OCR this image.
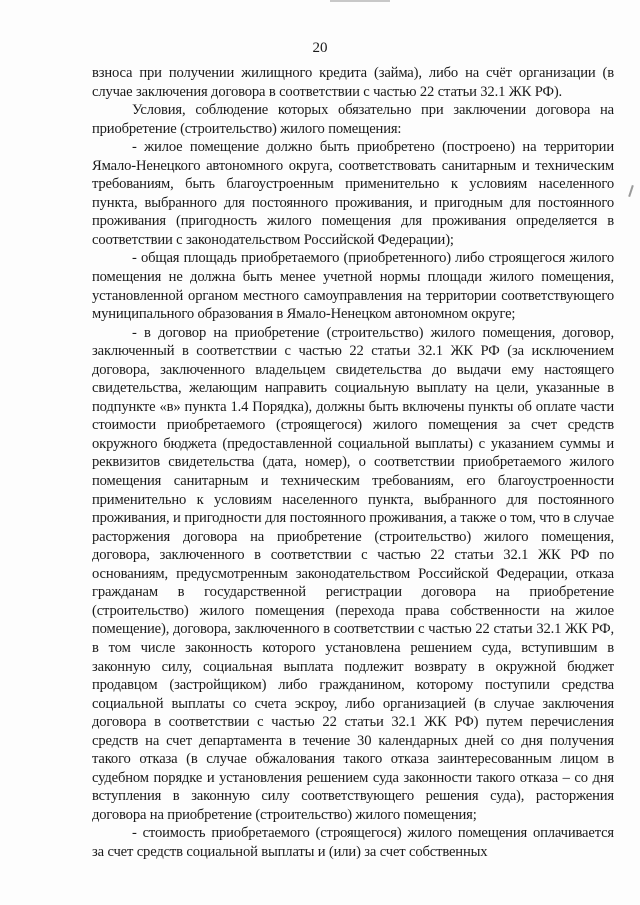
20

взноса при получении жилищного кредита (займа), либо на счёт организации (в случае заключения договора в соответствии с частью 22 статьи 32.1 ЖК РФ).

Условия, соблюдение которых обязательно при заключении договора на приобретение (строительство) жилого помещения:

- жилое помещение должно быть приобретено (построено) на территории Ямало-Ненецкого автономного округа, соответствовать санитарным и техническим требованиям, быть благоустроенным применительно к условиям населенного пункта, выбранного для постоянного проживания, и пригодным для постоянного проживания (пригодность жилого помещения для проживания определяется в соответствии с законодательством Российской Федерации);

- общая площадь приобретаемого (приобретенного) либо строящегося жилого помещения не должна быть менее учетной нормы площади жилого помещения, установленной органом местного самоуправления на территории соответствующего муниципального образования в Ямало-Ненецком автономном округе;

- в договор на приобретение (строительство) жилого помещения, договор, заключенный в соответствии с частью 22 статьи 32.1 ЖК РФ (за исключением договора, заключенного владельцем свидетельства до выдачи ему настоящего свидетельства, желающим направить социальную выплату на цели, указанные в подпункте «в» пункта 1.4 Порядка), должны быть включены пункты об оплате части стоимости приобретаемого (строящегося) жилого помещения за счет средств окружного бюджета (предоставленной социальной выплаты) с указанием суммы и реквизитов свидетельства (дата, номер), о соответствии приобретаемого жилого помещения санитарным и техническим требованиям, его благоустроенности применительно к условиям населенного пункта, выбранного для постоянного проживания, и пригодности для постоянного проживания, а также о том, что в случае расторжения договора на приобретение (строительство) жилого помещения, договора, заключенного в соответствии с частью 22 статьи 32.1 ЖК РФ по основаниям, предусмотренным законодательством Российской Федерации, отказа гражданам в государственной регистрации договора на приобретение (строительство) жилого помещения (перехода права собственности на жилое помещение), договора, заключенного в соответствии с частью 22 статьи 32.1 ЖК РФ, в том числе законность которого установлена решением суда, вступившим в законную силу, социальная выплата подлежит возврату в окружной бюджет продавцом (застройщиком) либо гражданином, которому поступили средства социальной выплаты со счета эскроу, либо организацией (в случае заключения договора в соответствии с частью 22 статьи 32.1 ЖК РФ) путем перечисления средств на счет департамента в течение 30 календарных дней со дня получения такого отказа (в случае обжалования такого отказа заинтересованным лицом в судебном порядке и установления решением суда законности такого отказа – со дня вступления в законную силу соответствующего решения суда), расторжения договора на приобретение (строительство) жилого помещения;

- стоимость приобретаемого (строящегося) жилого помещения оплачивается за счет средств социальной выплаты и (или) за счет собственных
